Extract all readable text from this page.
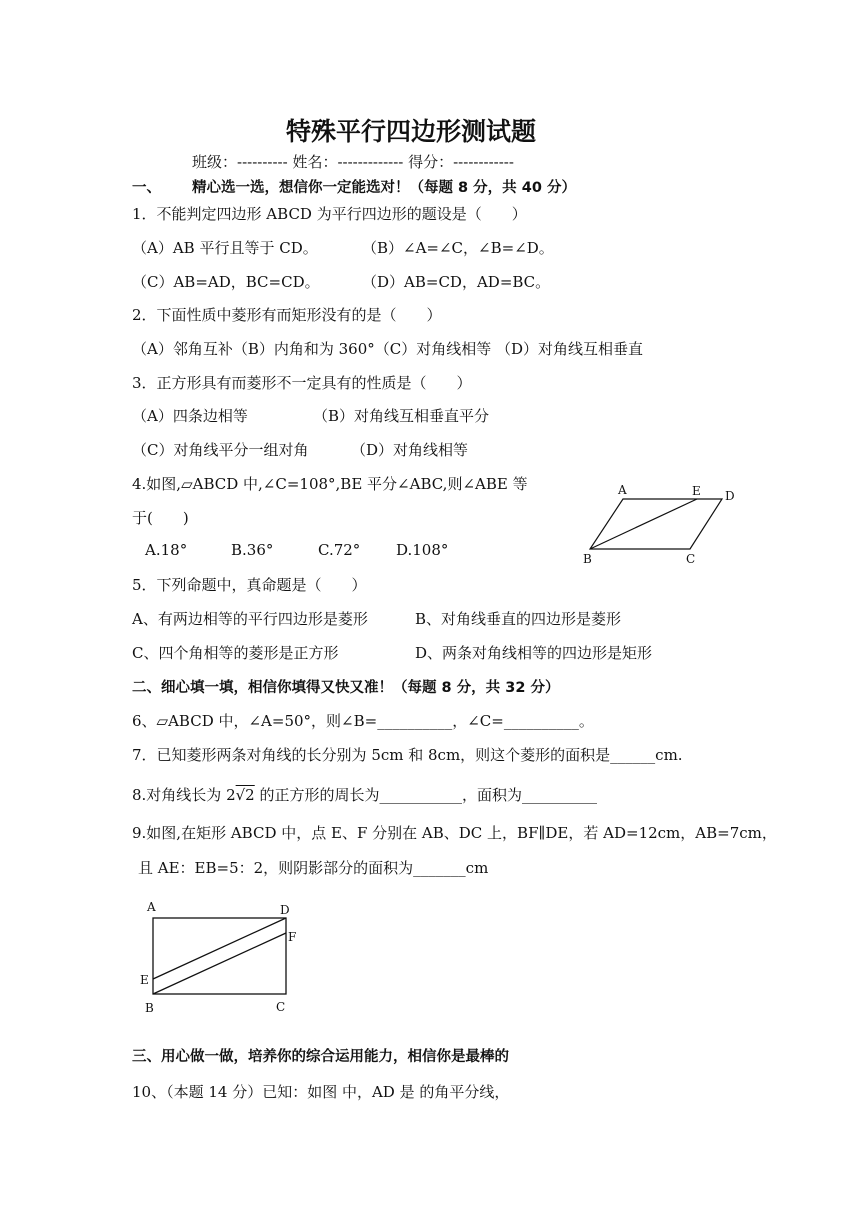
特殊平行四边形测试题
班级：---------- 姓名：------------- 得分：------------
一、 精心选一选，想信你一定能选对！（每题 8 分，共 40 分）
1．不能判定四边形 ABCD 为平行四边形的题设是（　　）
（A）AB 平行且等于 CD。	（B）∠A=∠C，∠B=∠D。
（C）AB=AD，BC=CD。	（D）AB=CD，AD=BC。
2．下面性质中菱形有而矩形没有的是（　　）
（A）邻角互补（B）内角和为 360°（C）对角线相等 （D）对角线互相垂直
3．正方形具有而菱形不一定具有的性质是（　　）
（A）四条边相等	（B）对角线互相垂直平分
（C）对角线平分一组对角	（D）对角线相等
4.如图,▱ABCD 中,∠C=108°,BE 平分∠ABC,则∠ABE 等
于(　　)
A.18°	B.36°	C.72° D.108°
A	E D
B	C
5．下列命题中，真命题是（　　）
A、有两边相等的平行四边形是菱形	B、对角线垂直的四边形是菱形
C、四个角相等的菱形是正方形	D、两条对角线相等的四边形是矩形
二、细心填一填，相信你填得又快又准！（每题 8 分，共 32 分）
6、▱ABCD 中，∠A=50°，则∠B=__________，∠C=__________。
7．已知菱形两条对角线的长分别为 5cm 和 8cm，则这个菱形的面积是______cm.
8.对角线长为 2√2 的正方形的周长为___________，面积为__________
9.如图,在矩形 ABCD 中，点 E、F 分别在 AB、DC 上，BF∥DE，若 AD=12cm，AB=7cm，
且 AE：EB=5：2，则阴影部分的面积为_______cm
A	D
F
E
B	C
三、用心做一做，培养你的综合运用能力，相信你是最棒的
10、（本题 14 分）已知：如图 中，AD 是 的角平分线，
